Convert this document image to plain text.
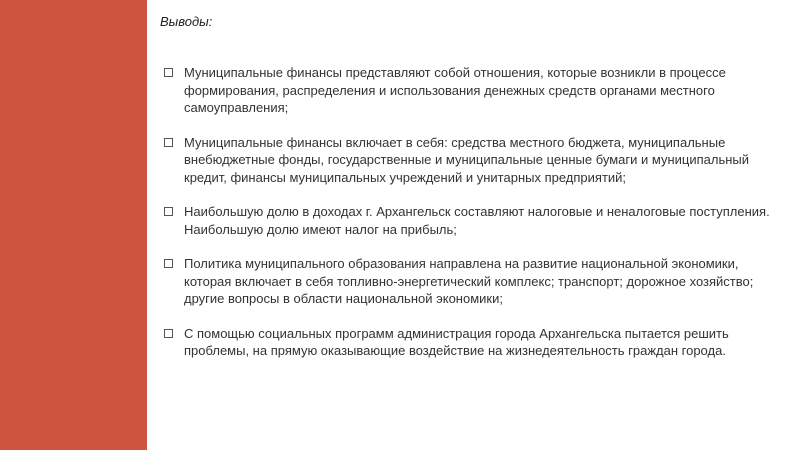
Выводы:
Муниципальные финансы представляют собой отношения, которые возникли в процессе формирования, распределения и использования денежных средств органами местного самоуправления;
Муниципальные финансы включает в себя: средства местного бюджета, муниципальные внебюджетные фонды, государственные и муниципальные ценные бумаги и муниципальный кредит, финансы муниципальных учреждений и унитарных предприятий;
Наибольшую долю в доходах г. Архангельск составляют налоговые и неналоговые поступления. Наибольшую долю имеют налог на прибыль;
Политика муниципального образования направлена на развитие национальной экономики, которая включает в себя топливно-энергетический комплекс; транспорт; дорожное хозяйство; другие вопросы в области национальной экономики;
С помощью социальных программ администрация города Архангельска пытается решить проблемы, на прямую оказывающие воздействие на жизнедеятельность граждан города.
